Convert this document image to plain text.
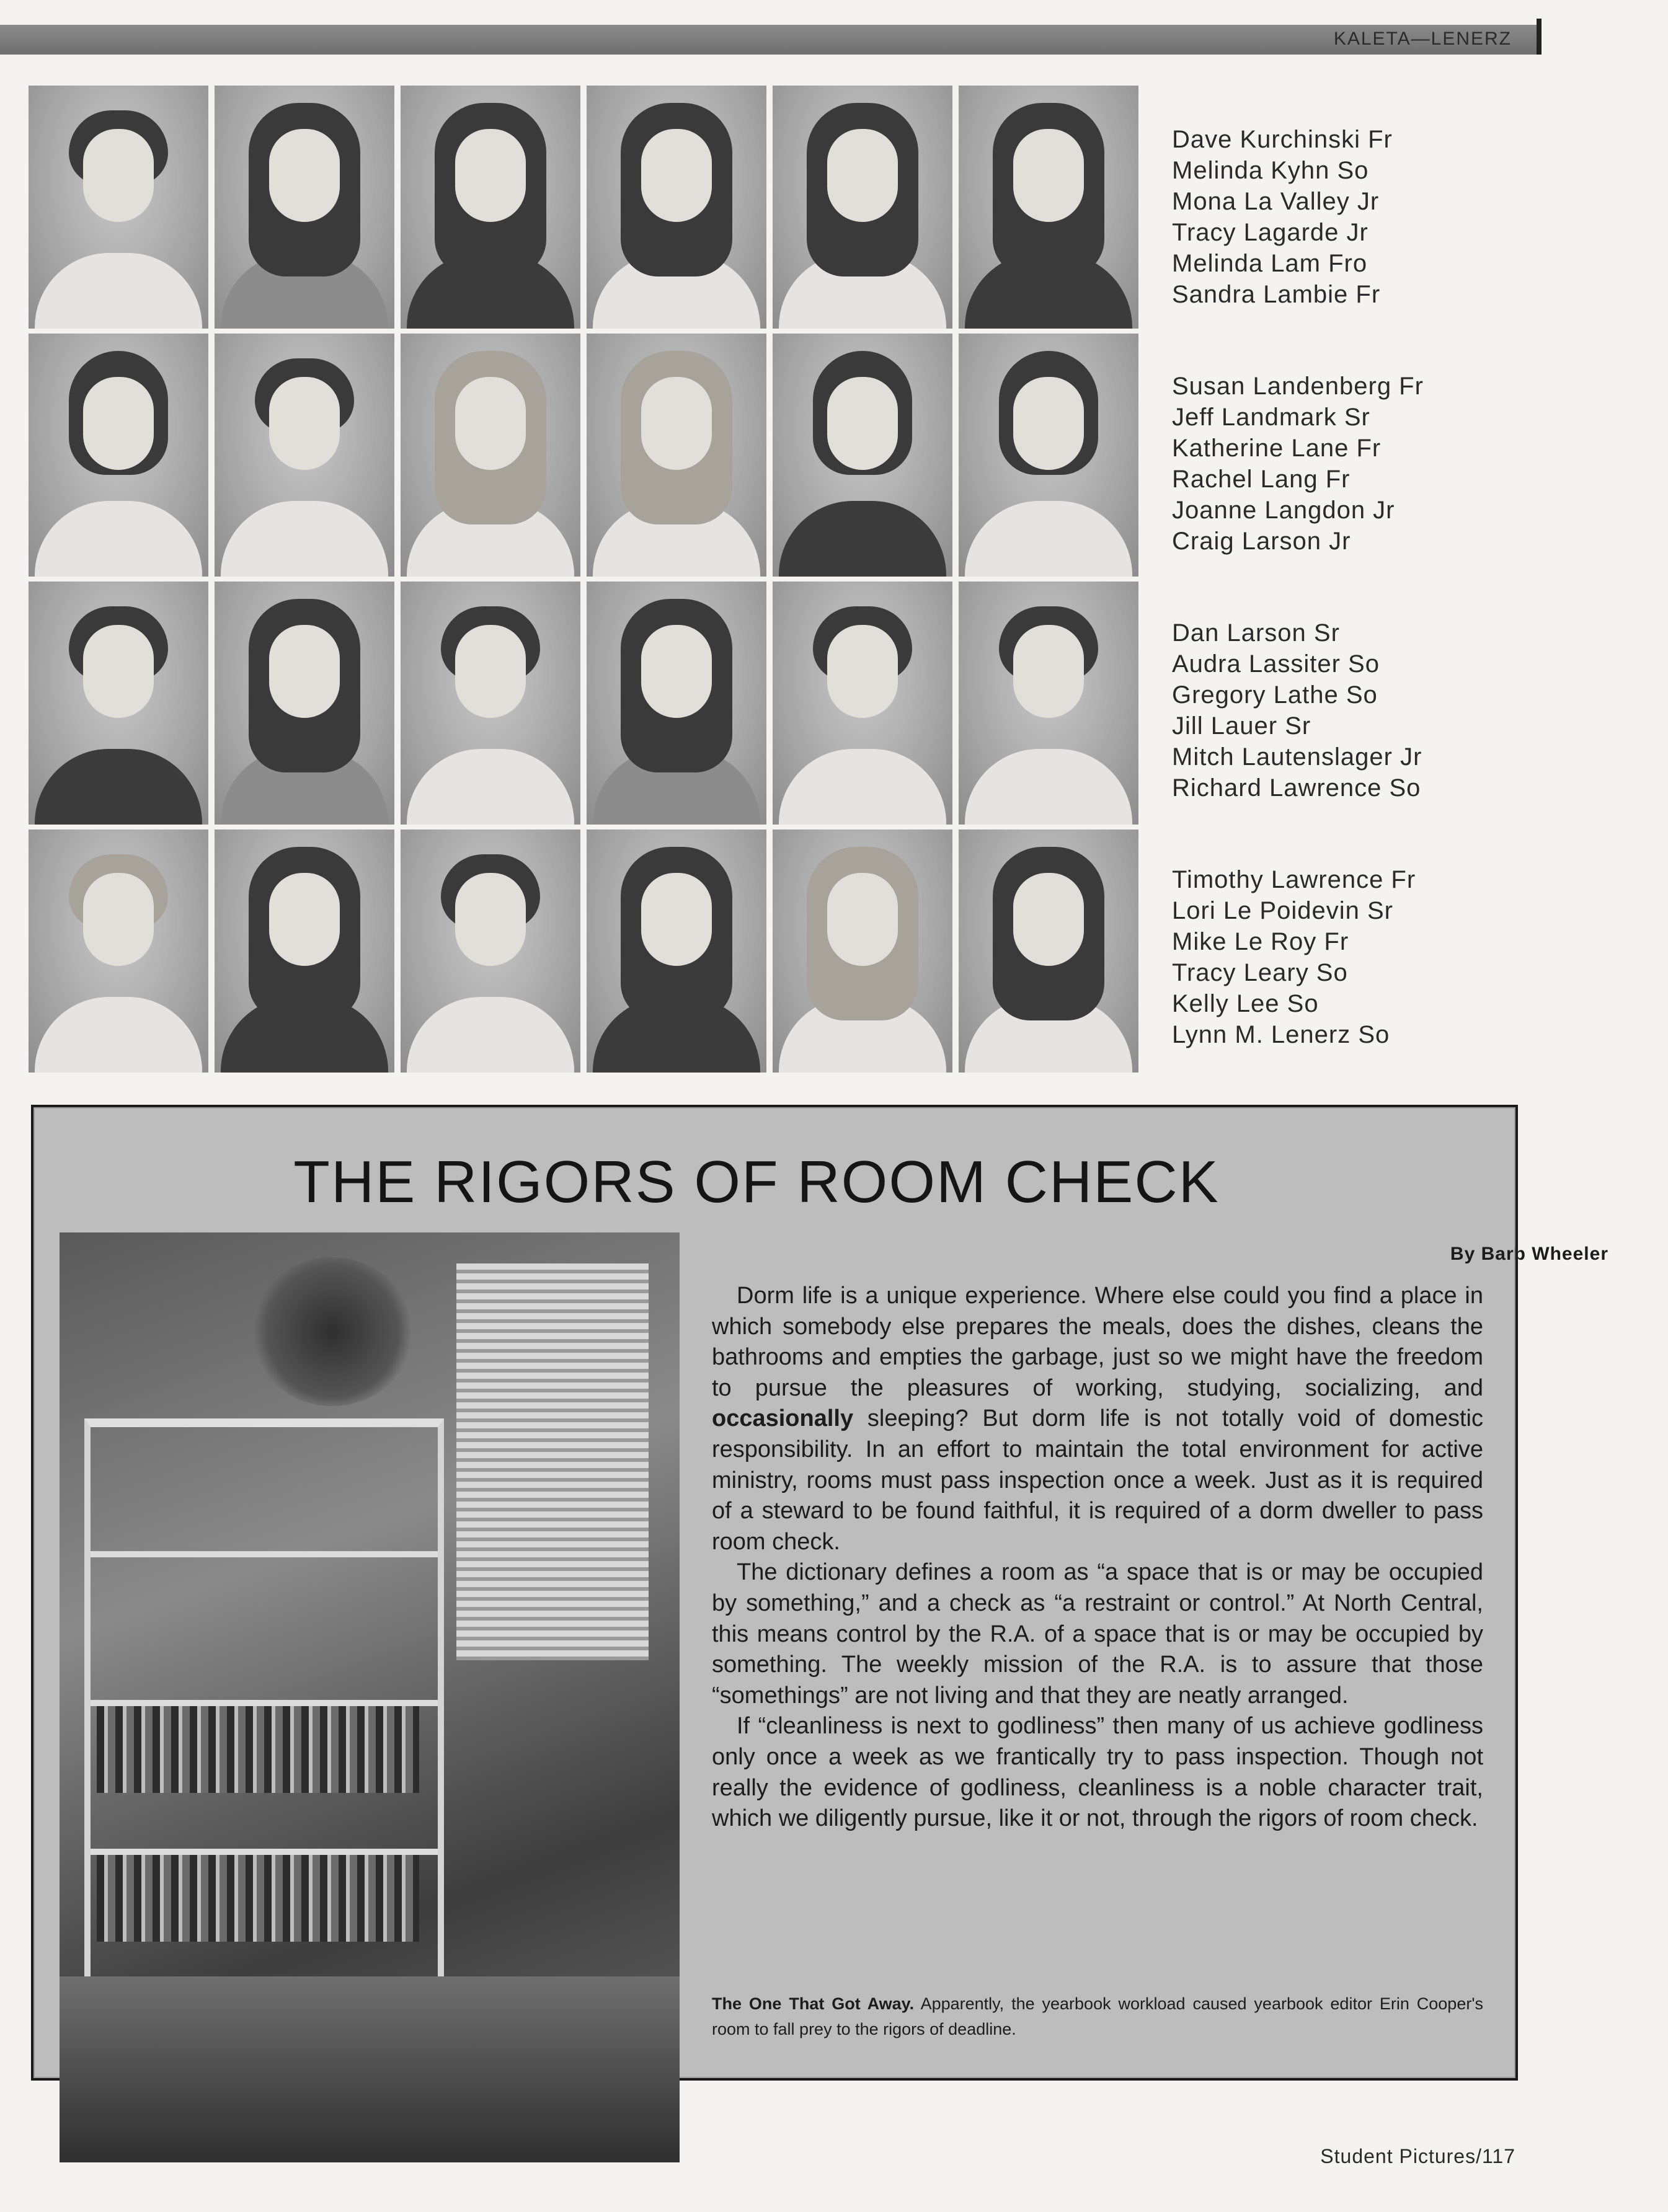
KALETA—LENERZ
Dave Kurchinski Fr
Melinda Kyhn So
Mona La Valley Jr
Tracy Lagarde Jr
Melinda Lam Fro
Sandra Lambie Fr
Susan Landenberg Fr
Jeff Landmark Sr
Katherine Lane Fr
Rachel Lang Fr
Joanne Langdon Jr
Craig Larson Jr
Dan Larson Sr
Audra Lassiter So
Gregory Lathe So
Jill Lauer Sr
Mitch Lautenslager Jr
Richard Lawrence So
Timothy Lawrence Fr
Lori Le Poidevin Sr
Mike Le Roy Fr
Tracy Leary So
Kelly Lee So
Lynn M. Lenerz So
THE RIGORS OF ROOM CHECK
By Barb Wheeler

Dorm life is a unique experience. Where else could you find a place in which somebody else prepares the meals, does the dishes, cleans the bathrooms and empties the garbage, just so we might have the freedom to pursue the pleasures of working, studying, socializing, and occasionally sleeping? But dorm life is not totally void of domestic responsibility. In an effort to maintain the total environment for active ministry, rooms must pass inspection once a week. Just as it is required of a steward to be found faithful, it is required of a dorm dweller to pass room check.

The dictionary defines a room as “a space that is or may be occupied by something,” and a check as “a restraint or control.” At North Central, this means control by the R.A. of a space that is or may be occupied by something. The weekly mission of the R.A. is to assure that those “somethings” are not living and that they are neatly arranged.

If “cleanliness is next to godliness” then many of us achieve godliness only once a week as we frantically try to pass inspection. Though not really the evidence of godliness, cleanliness is a noble character trait, which we diligently pursue, like it or not, through the rigors of room check.

The One That Got Away. Apparently, the yearbook workload caused yearbook editor Erin Cooper's room to fall prey to the rigors of deadline.

Student Pictures/117
